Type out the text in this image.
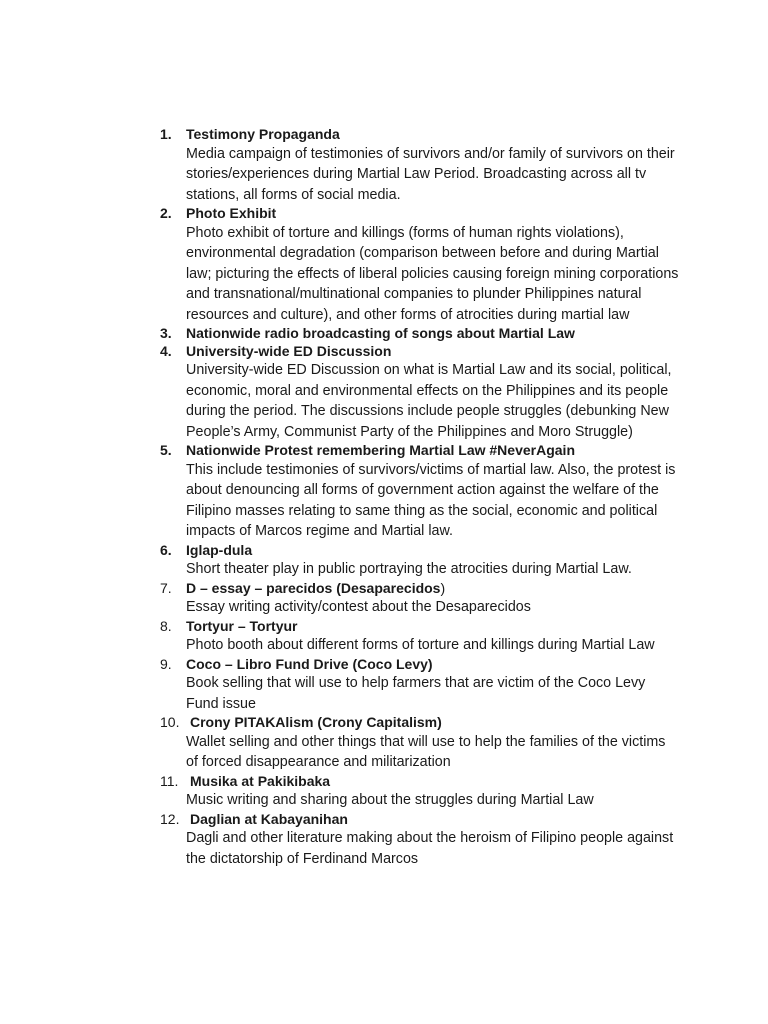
1.	Testimony Propaganda
Media campaign of testimonies of survivors and/or family of survivors on their stories/experiences during Martial Law Period. Broadcasting across all tv stations, all forms of social media.
2.	Photo Exhibit
Photo exhibit of torture and killings (forms of human rights violations), environmental degradation (comparison between before and during Martial law; picturing the effects of liberal policies causing foreign mining corporations and transnational/multinational companies to plunder Philippines natural resources and culture), and other forms of atrocities during martial law
3.	Nationwide radio broadcasting of songs about Martial Law
4.	University-wide ED Discussion
University-wide ED Discussion on what is Martial Law and its social, political, economic, moral and environmental effects on the Philippines and its people during the period. The discussions include people struggles (debunking New People’s Army, Communist Party of the Philippines and Moro Struggle)
5.	Nationwide Protest remembering Martial Law #NeverAgain
This include testimonies of survivors/victims of martial law. Also, the protest is about denouncing all forms of government action against the welfare of the Filipino masses relating to same thing as the social, economic and political impacts of Marcos regime and Martial law.
6.	Iglap-dula
Short theater play in public portraying the atrocities during Martial Law.
7.	D – essay – parecidos (Desaparecidos)
Essay writing activity/contest about the Desaparecidos
8.	Tortyur – Tortyur
Photo booth about different forms of torture and killings during Martial Law
9.	Coco – Libro Fund Drive (Coco Levy)
Book selling that will use to help farmers that are victim of the Coco Levy Fund issue
10. Crony PITAKAlism (Crony Capitalism)
Wallet selling and other things that will use to help the families of the victims of forced disappearance and militarization
11. Musika at Pakikibaka
Music writing and sharing about the struggles during Martial Law
12. Daglian at Kabayanihan
Dagli and other literature making about the heroism of Filipino people against the dictatorship of Ferdinand Marcos
